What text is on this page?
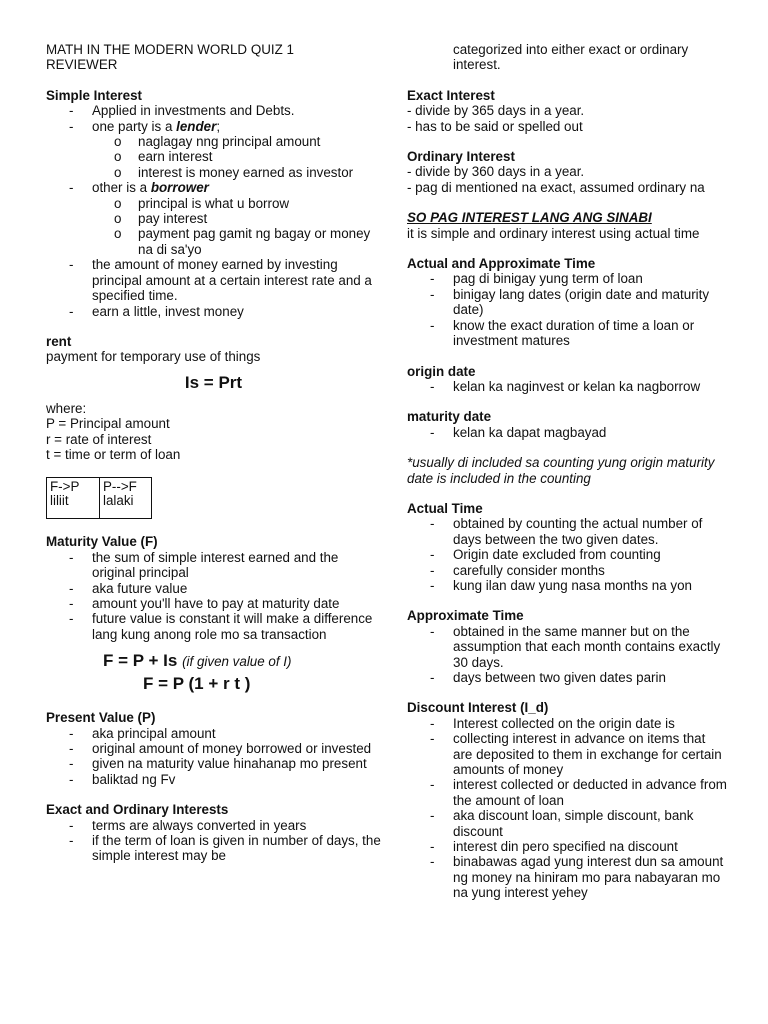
MATH IN THE MODERN WORLD QUIZ 1

REVIEWER

Simple Interest

- Applied in investments and Debts.
- one party is a lender;
o naglagay nng principal amount
o earn interest
o interest is money earned as investor
- other is a borrower
o principal is what u borrow
o pay interest
o payment pag gamit ng bagay or money na di sa'yo
- the amount of money earned by investing principal amount at a certain interest rate and a specified time.
- earn a little, invest money

rent

payment for temporary use of things

Is = Prt

where:

P = Principal amount

r = rate of interest

t = time or term of loan

F->P
liliit
P-->F
lalaki

Maturity Value (F)

- the sum of simple interest earned and the original principal
- aka future value
- amount you'll have to pay at maturity date
- future value is constant it will make a difference lang kung anong role mo sa transaction

F = P + Is (if given value of I)

F = P (1 + r t )

Present Value (P)

- aka principal amount
- original amount of money borrowed or invested
- given na maturity value hinahanap mo present
- baliktad ng Fv

Exact and Ordinary Interests

- terms are always converted in years
- if the term of loan is given in number of days, the simple interest may be

categorized into either exact or ordinary interest.

Exact Interest

- divide by 365 days in a year.

- has to be said or spelled out

Ordinary Interest

- divide by 360 days in a year.

- pag di mentioned na exact, assumed ordinary na

SO PAG INTEREST LANG ANG SINABI

it is simple and ordinary interest using actual time

Actual and Approximate Time

- pag di binigay yung term of loan
- binigay lang dates (origin date and maturity date)
- know the exact duration of time a loan or investment matures

origin date

- kelan ka naginvest or kelan ka nagborrow

maturity date

- kelan ka dapat magbayad

*usually di included sa counting yung origin maturity date is included in the counting

Actual Time

- obtained by counting the actual number of days between the two given dates.
- Origin date excluded from counting
- carefully consider months
- kung ilan daw yung nasa months na yon

Approximate Time

- obtained in the same manner but on the assumption that each month contains exactly 30 days.
- days between two given dates parin

Discount Interest (I_d)

- Interest collected on the origin date is
- collecting interest in advance on items that are deposited to them in exchange for certain amounts of money
- interest collected or deducted in advance from the amount of loan
- aka discount loan, simple discount, bank discount
- interest din pero specified na discount
- binabawas agad yung interest dun sa amount ng money na hiniram mo para nabayaran mo na yung interest yehey
